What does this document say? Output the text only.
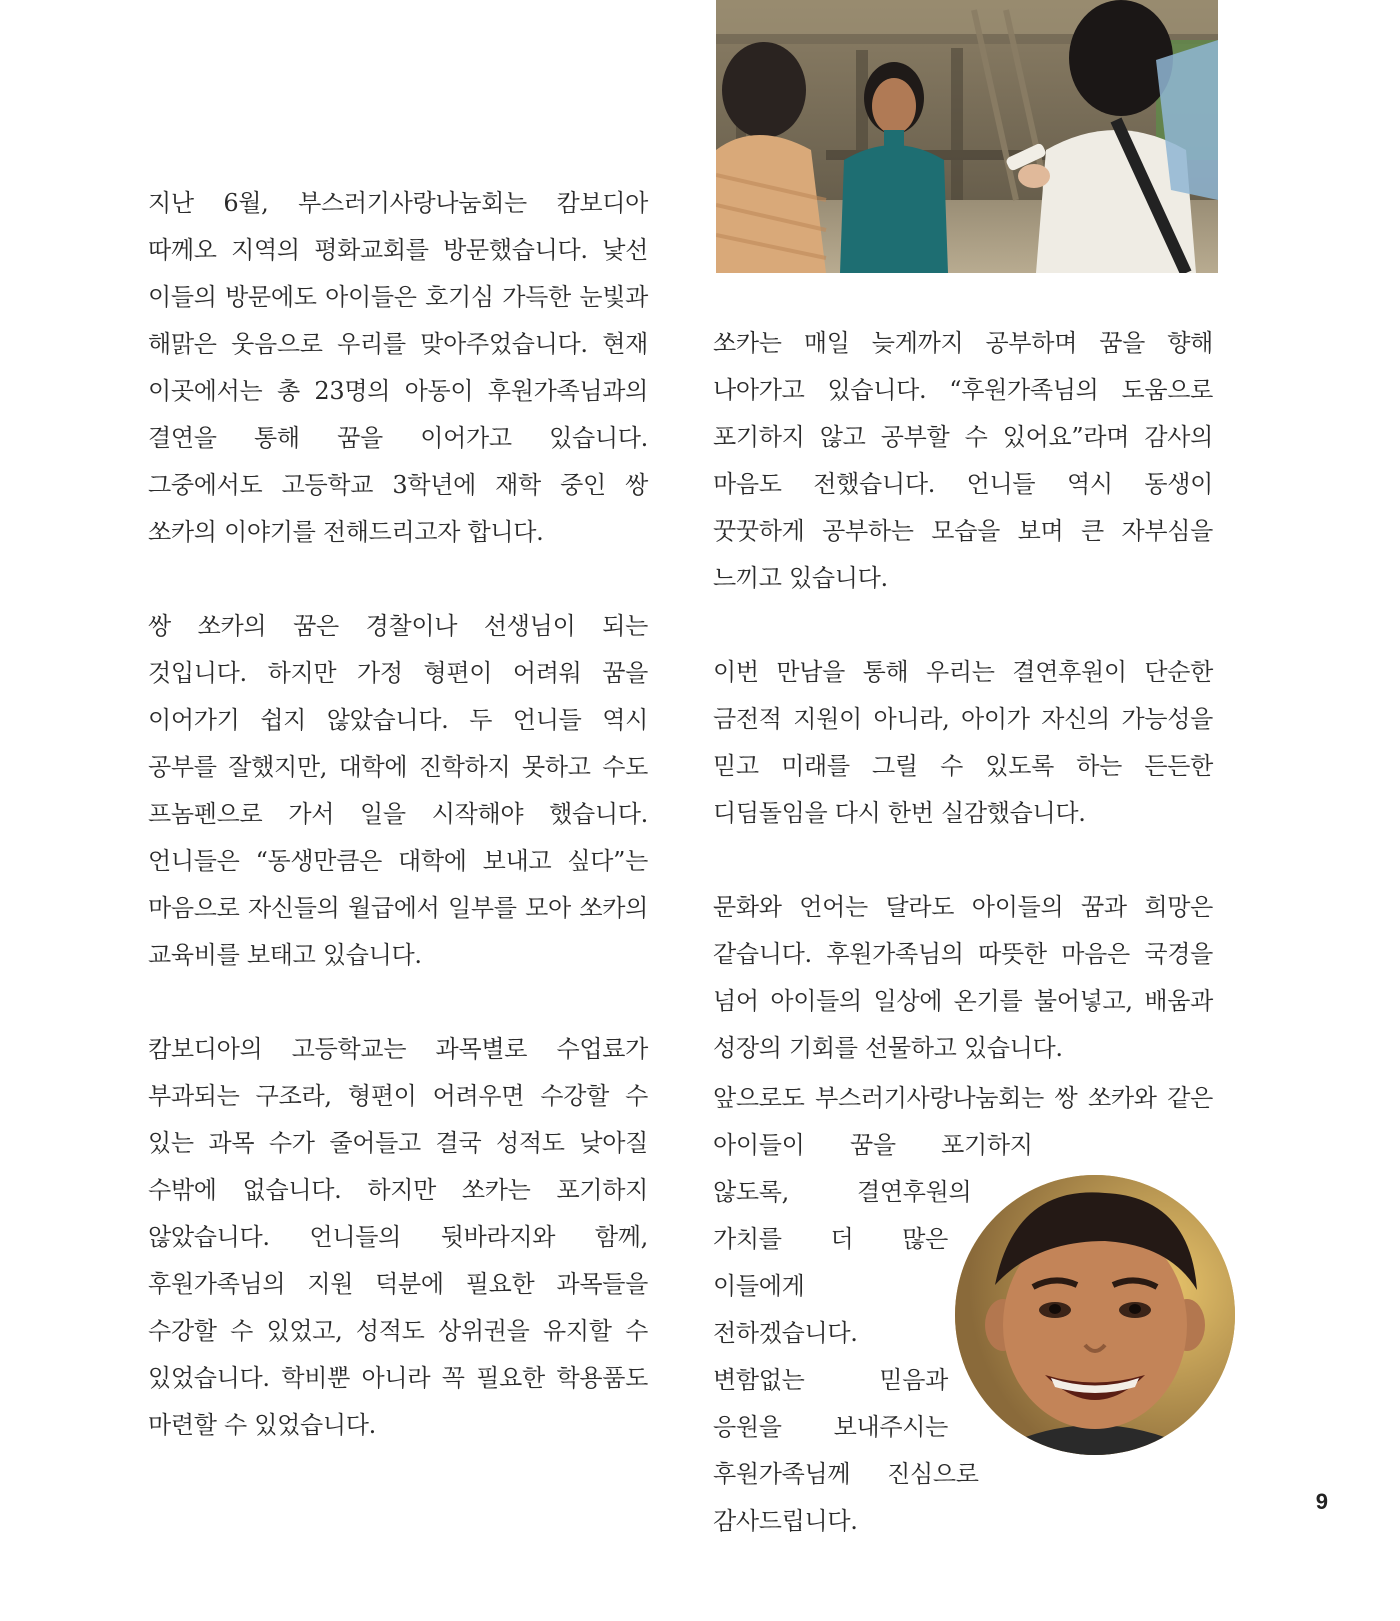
지난 6월, 부스러기사랑나눔회는 캄보디아 따께오 지역의 평화교회를 방문했습니다. 낯선 이들의 방문에도 아이들은 호기심 가득한 눈빛과 해맑은 웃음으로 우리를 맞아주었습니다. 현재 이곳에서는 총 23명의 아동이 후원가족님과의 결연을 통해 꿈을 이어가고 있습니다. 그중에서도 고등학교 3학년에 재학 중인 쌍 쏘카의 이야기를 전해드리고자 합니다.

쌍 쏘카의 꿈은 경찰이나 선생님이 되는 것입니다. 하지만 가정 형편이 어려워 꿈을 이어가기 쉽지 않았습니다. 두 언니들 역시 공부를 잘했지만, 대학에 진학하지 못하고 수도 프놈펜으로 가서 일을 시작해야 했습니다. 언니들은 “동생만큼은 대학에 보내고 싶다”는 마음으로 자신들의 월급에서 일부를 모아 쏘카의 교육비를 보태고 있습니다.

캄보디아의 고등학교는 과목별로 수업료가 부과되는 구조라, 형편이 어려우면 수강할 수 있는 과목 수가 줄어들고 결국 성적도 낮아질 수밖에 없습니다. 하지만 쏘카는 포기하지 않았습니다. 언니들의 뒷바라지와 함께, 후원가족님의 지원 덕분에 필요한 과목들을 수강할 수 있었고, 성적도 상위권을 유지할 수 있었습니다. 학비뿐 아니라 꼭 필요한 학용품도 마련할 수 있었습니다.

쏘카는 매일 늦게까지 공부하며 꿈을 향해 나아가고 있습니다. “후원가족님의 도움으로 포기하지 않고 공부할 수 있어요”라며 감사의 마음도 전했습니다. 언니들 역시 동생이 꿋꿋하게 공부하는 모습을 보며 큰 자부심을 느끼고 있습니다.

이번 만남을 통해 우리는 결연후원이 단순한 금전적 지원이 아니라, 아이가 자신의 가능성을 믿고 미래를 그릴 수 있도록 하는 든든한 디딤돌임을 다시 한번 실감했습니다.

문화와 언어는 달라도 아이들의 꿈과 희망은 같습니다. 후원가족님의 따뜻한 마음은 국경을 넘어 아이들의 일상에 온기를 불어넣고, 배움과 성장의 기회를 선물하고 있습니다.

앞으로도 부스러기사랑나눔회는 쌍 쏘카와 같은 아이들이 꿈을 포기하지 않도록, 결연후원의 가치를 더 많은 이들에게 전하겠습니다. 변함없는 믿음과 응원을 보내주시는 후원가족님께 진심으로 감사드립니다.

9
